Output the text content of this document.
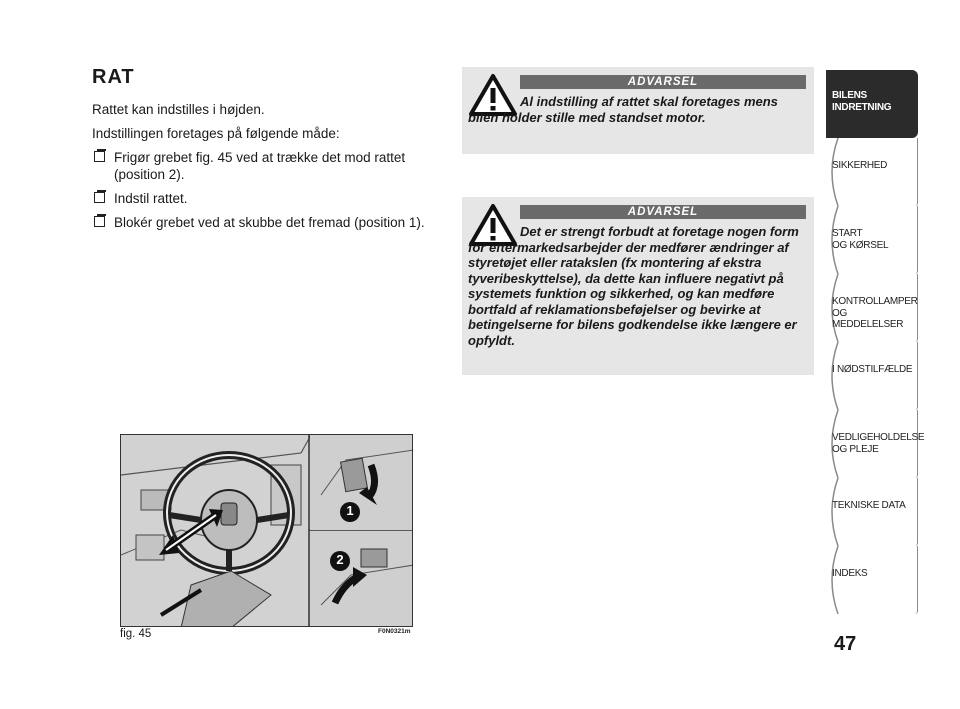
RAT

Rattet kan indstilles i højden.

Indstillingen foretages på følgende måde:

Frigør grebet fig. 45 ved at trække det mod rattet (position 2).
Indstil rattet.
Blokér grebet ved at skubbe det fremad (position 1).
ADVARSEL
Al indstilling af rattet skal foretages mens bilen holder stille med standset motor.
ADVARSEL
Det er strengt forbudt at foretage nogen form for eftermarkedsarbejder der medfører ændringer af styretøjet eller ratakslen (fx montering af ekstra tyveribeskyttelse), da dette kan influere negativt på systemets funktion og sikkerhed, og kan medføre bortfald af reklamationsbeføjelser og bevirke at betingelserne for bilens godkendelse ikke længere er opfyldt.
1
2
fig. 45	F0N0321m
BILENS
INDRETNING
SIKKERHED
START
OG KØRSEL
KONTROLLAMPER
OG MEDDELELSER
I NØDSTILFÆLDE
VEDLIGEHOLDELSE
OG PLEJE
TEKNISKE DATA
INDEKS
47
